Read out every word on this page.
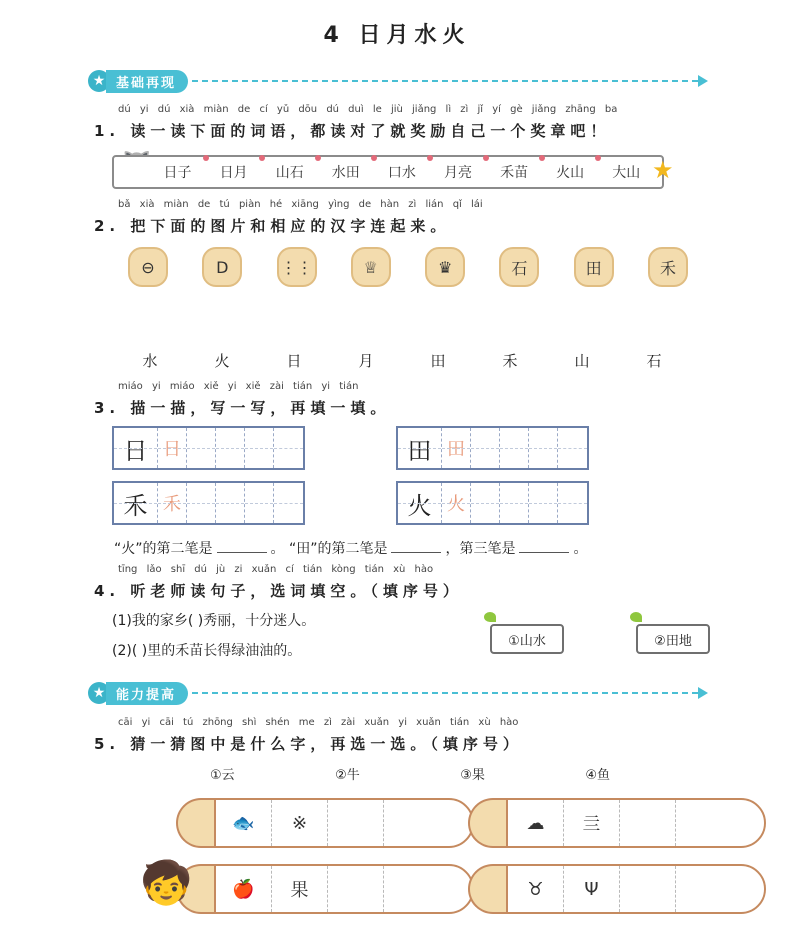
4 日月水火
★ 基础再现
dú yi dú xià miàn de cí yǔ dōu dú duì le jiù jiǎng lì zì jǐ yí gè jiǎng zhāng ba
1. 读一读下面的词语，都读对了就奖励自己一个奖章吧！
日子 日月 山石 水田 口水 月亮 禾苗 火山 大山 ★
bǎ xià miàn de tú piàn hé xiāng yìng de hàn zì lián qǐ lái
2. 把下面的图片和相应的汉字连起来。
⊖	D	⋮⋮	♕	♛	石	田	禾
水	火	日	月	田	禾	山	石
miáo yi miáo xiě yi xiě zài tián yi tián
3. 描一描，写一写，再填一填。
日 日	田 田
禾 禾	火 火
“火”的第二笔是	。 “田”的第二笔是	，第三笔是	。
tīng lǎo shī dú jù zi xuǎn cí tián kòng tián xù hào
4. 听老师读句子，选词填空。（填序号）
(1)我的家乡( )秀丽，十分迷人。
(2)( )里的禾苗长得绿油油的。
①山水	②田地
★ 能力提高
cāi yi cāi tú zhōng shì shén me zì zài xuǎn yi xuǎn tián xù hào
5. 猜一猜图中是什么字，再选一选。（填序号）
①云	②牛	③果	④鱼
🐟	※	☁	亖
🍎	果	♉	Ψ
🧒
